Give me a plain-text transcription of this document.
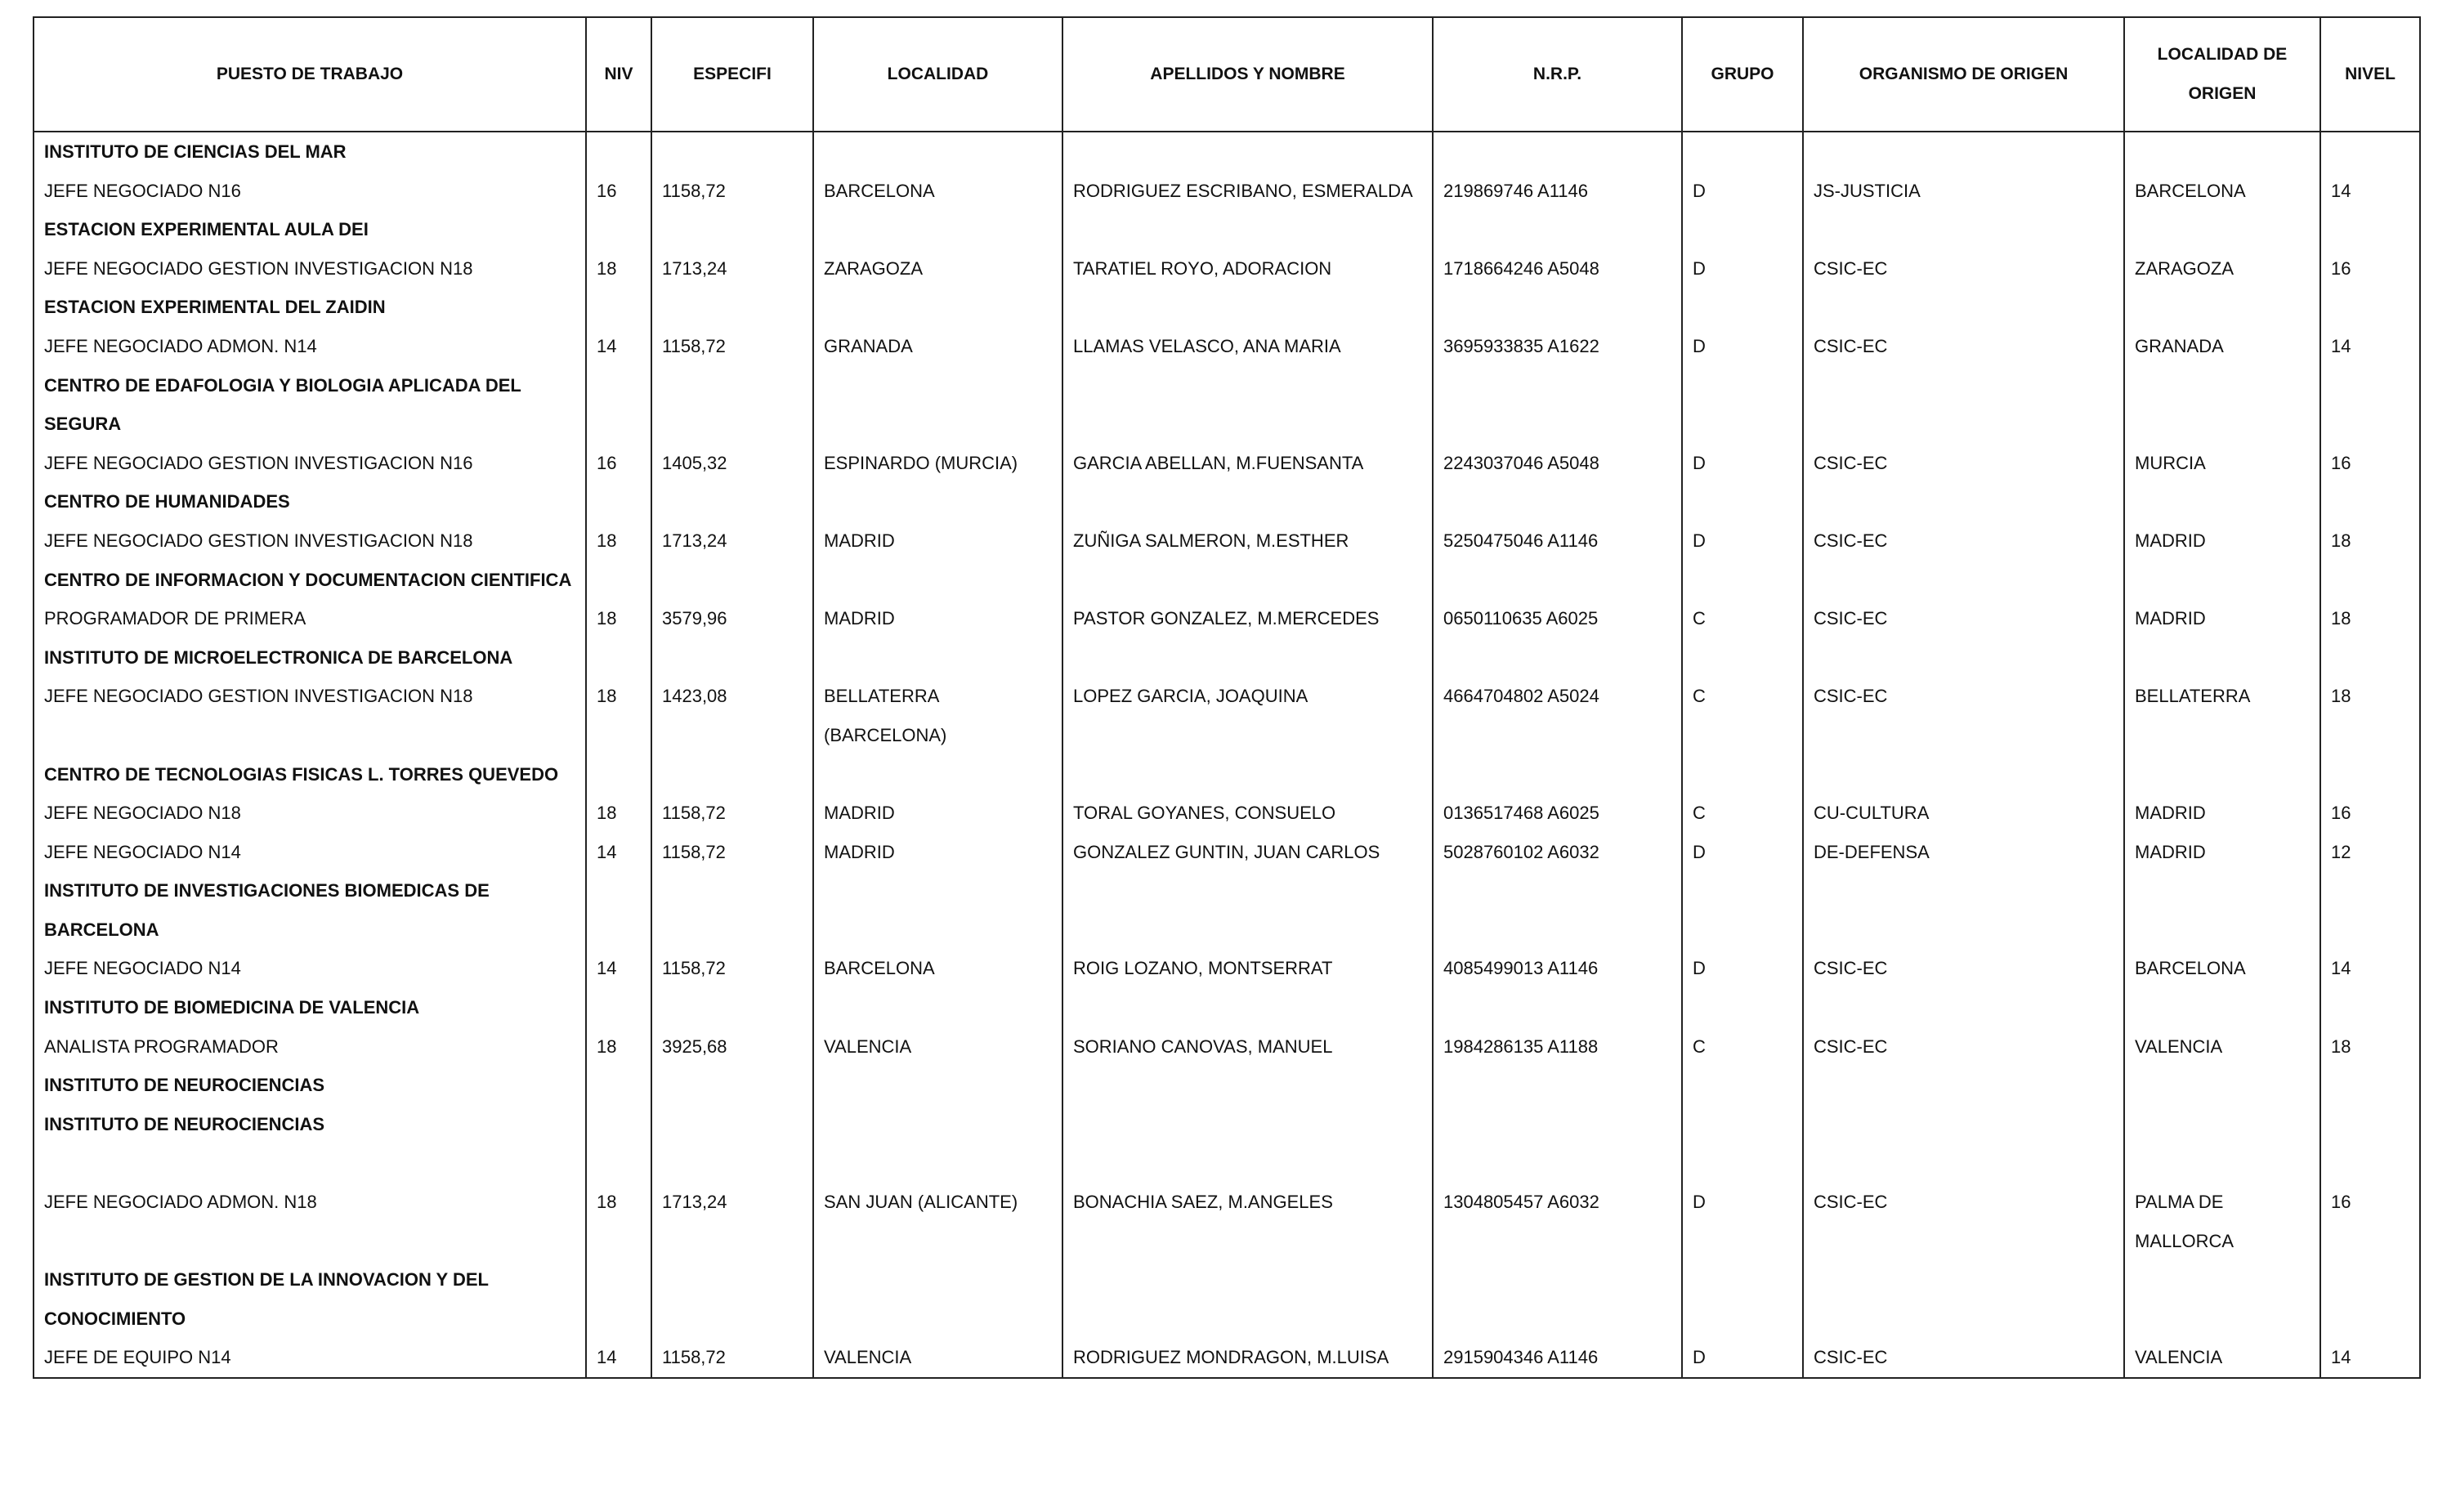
PUESTO DE TRABAJO	NIV	ESPECIFI	LOCALIDAD	APELLIDOS Y NOMBRE	N.R.P.	GRUPO	ORGANISMO DE ORIGEN	LOCALIDAD DE ORIGEN	NIVEL
INSTITUTO DE CIENCIAS DEL MAR									
JEFE NEGOCIADO N16	16	1158,72	BARCELONA	RODRIGUEZ ESCRIBANO, ESMERALDA	219869746 A1146	D	JS-JUSTICIA	BARCELONA	14
ESTACION EXPERIMENTAL AULA DEI									
JEFE NEGOCIADO GESTION INVESTIGACION N18	18	1713,24	ZARAGOZA	TARATIEL ROYO, ADORACION	1718664246 A5048	D	CSIC-EC	ZARAGOZA	16
ESTACION EXPERIMENTAL DEL ZAIDIN									
JEFE NEGOCIADO ADMON. N14	14	1158,72	GRANADA	LLAMAS VELASCO, ANA MARIA	3695933835 A1622	D	CSIC-EC	GRANADA	14
CENTRO DE EDAFOLOGIA Y BIOLOGIA APLICADA DEL SEGURA									
JEFE NEGOCIADO GESTION INVESTIGACION N16	16	1405,32	ESPINARDO (MURCIA)	GARCIA ABELLAN, M.FUENSANTA	2243037046 A5048	D	CSIC-EC	MURCIA	16
CENTRO DE HUMANIDADES									
JEFE NEGOCIADO GESTION INVESTIGACION N18	18	1713,24	MADRID	ZUÑIGA SALMERON, M.ESTHER	5250475046 A1146	D	CSIC-EC	MADRID	18
CENTRO DE INFORMACION Y DOCUMENTACION CIENTIFICA									
PROGRAMADOR DE PRIMERA	18	3579,96	MADRID	PASTOR GONZALEZ, M.MERCEDES	0650110635 A6025	C	CSIC-EC	MADRID	18
INSTITUTO DE MICROELECTRONICA DE BARCELONA									
JEFE NEGOCIADO GESTION INVESTIGACION N18	18	1423,08	BELLATERRA (BARCELONA)	LOPEZ GARCIA, JOAQUINA	4664704802 A5024	C	CSIC-EC	BELLATERRA	18
CENTRO DE TECNOLOGIAS FISICAS L. TORRES QUEVEDO									
JEFE NEGOCIADO N18	18	1158,72	MADRID	TORAL GOYANES, CONSUELO	0136517468 A6025	C	CU-CULTURA	MADRID	16
JEFE NEGOCIADO N14	14	1158,72	MADRID	GONZALEZ GUNTIN, JUAN CARLOS	5028760102 A6032	D	DE-DEFENSA	MADRID	12
INSTITUTO DE INVESTIGACIONES BIOMEDICAS DE BARCELONA									
JEFE NEGOCIADO N14	14	1158,72	BARCELONA	ROIG LOZANO, MONTSERRAT	4085499013 A1146	D	CSIC-EC	BARCELONA	14
INSTITUTO DE BIOMEDICINA DE VALENCIA									
ANALISTA PROGRAMADOR	18	3925,68	VALENCIA	SORIANO CANOVAS, MANUEL	1984286135 A1188	C	CSIC-EC	VALENCIA	18
INSTITUTO DE NEUROCIENCIAS									
INSTITUTO DE NEUROCIENCIAS									

JEFE NEGOCIADO ADMON. N18	18	1713,24	SAN JUAN (ALICANTE)	BONACHIA SAEZ, M.ANGELES	1304805457 A6032	D	CSIC-EC	PALMA DE MALLORCA	16
INSTITUTO DE GESTION DE LA INNOVACION Y DEL CONOCIMIENTO									
JEFE DE EQUIPO N14	14	1158,72	VALENCIA	RODRIGUEZ MONDRAGON, M.LUISA	2915904346 A1146	D	CSIC-EC	VALENCIA	14
